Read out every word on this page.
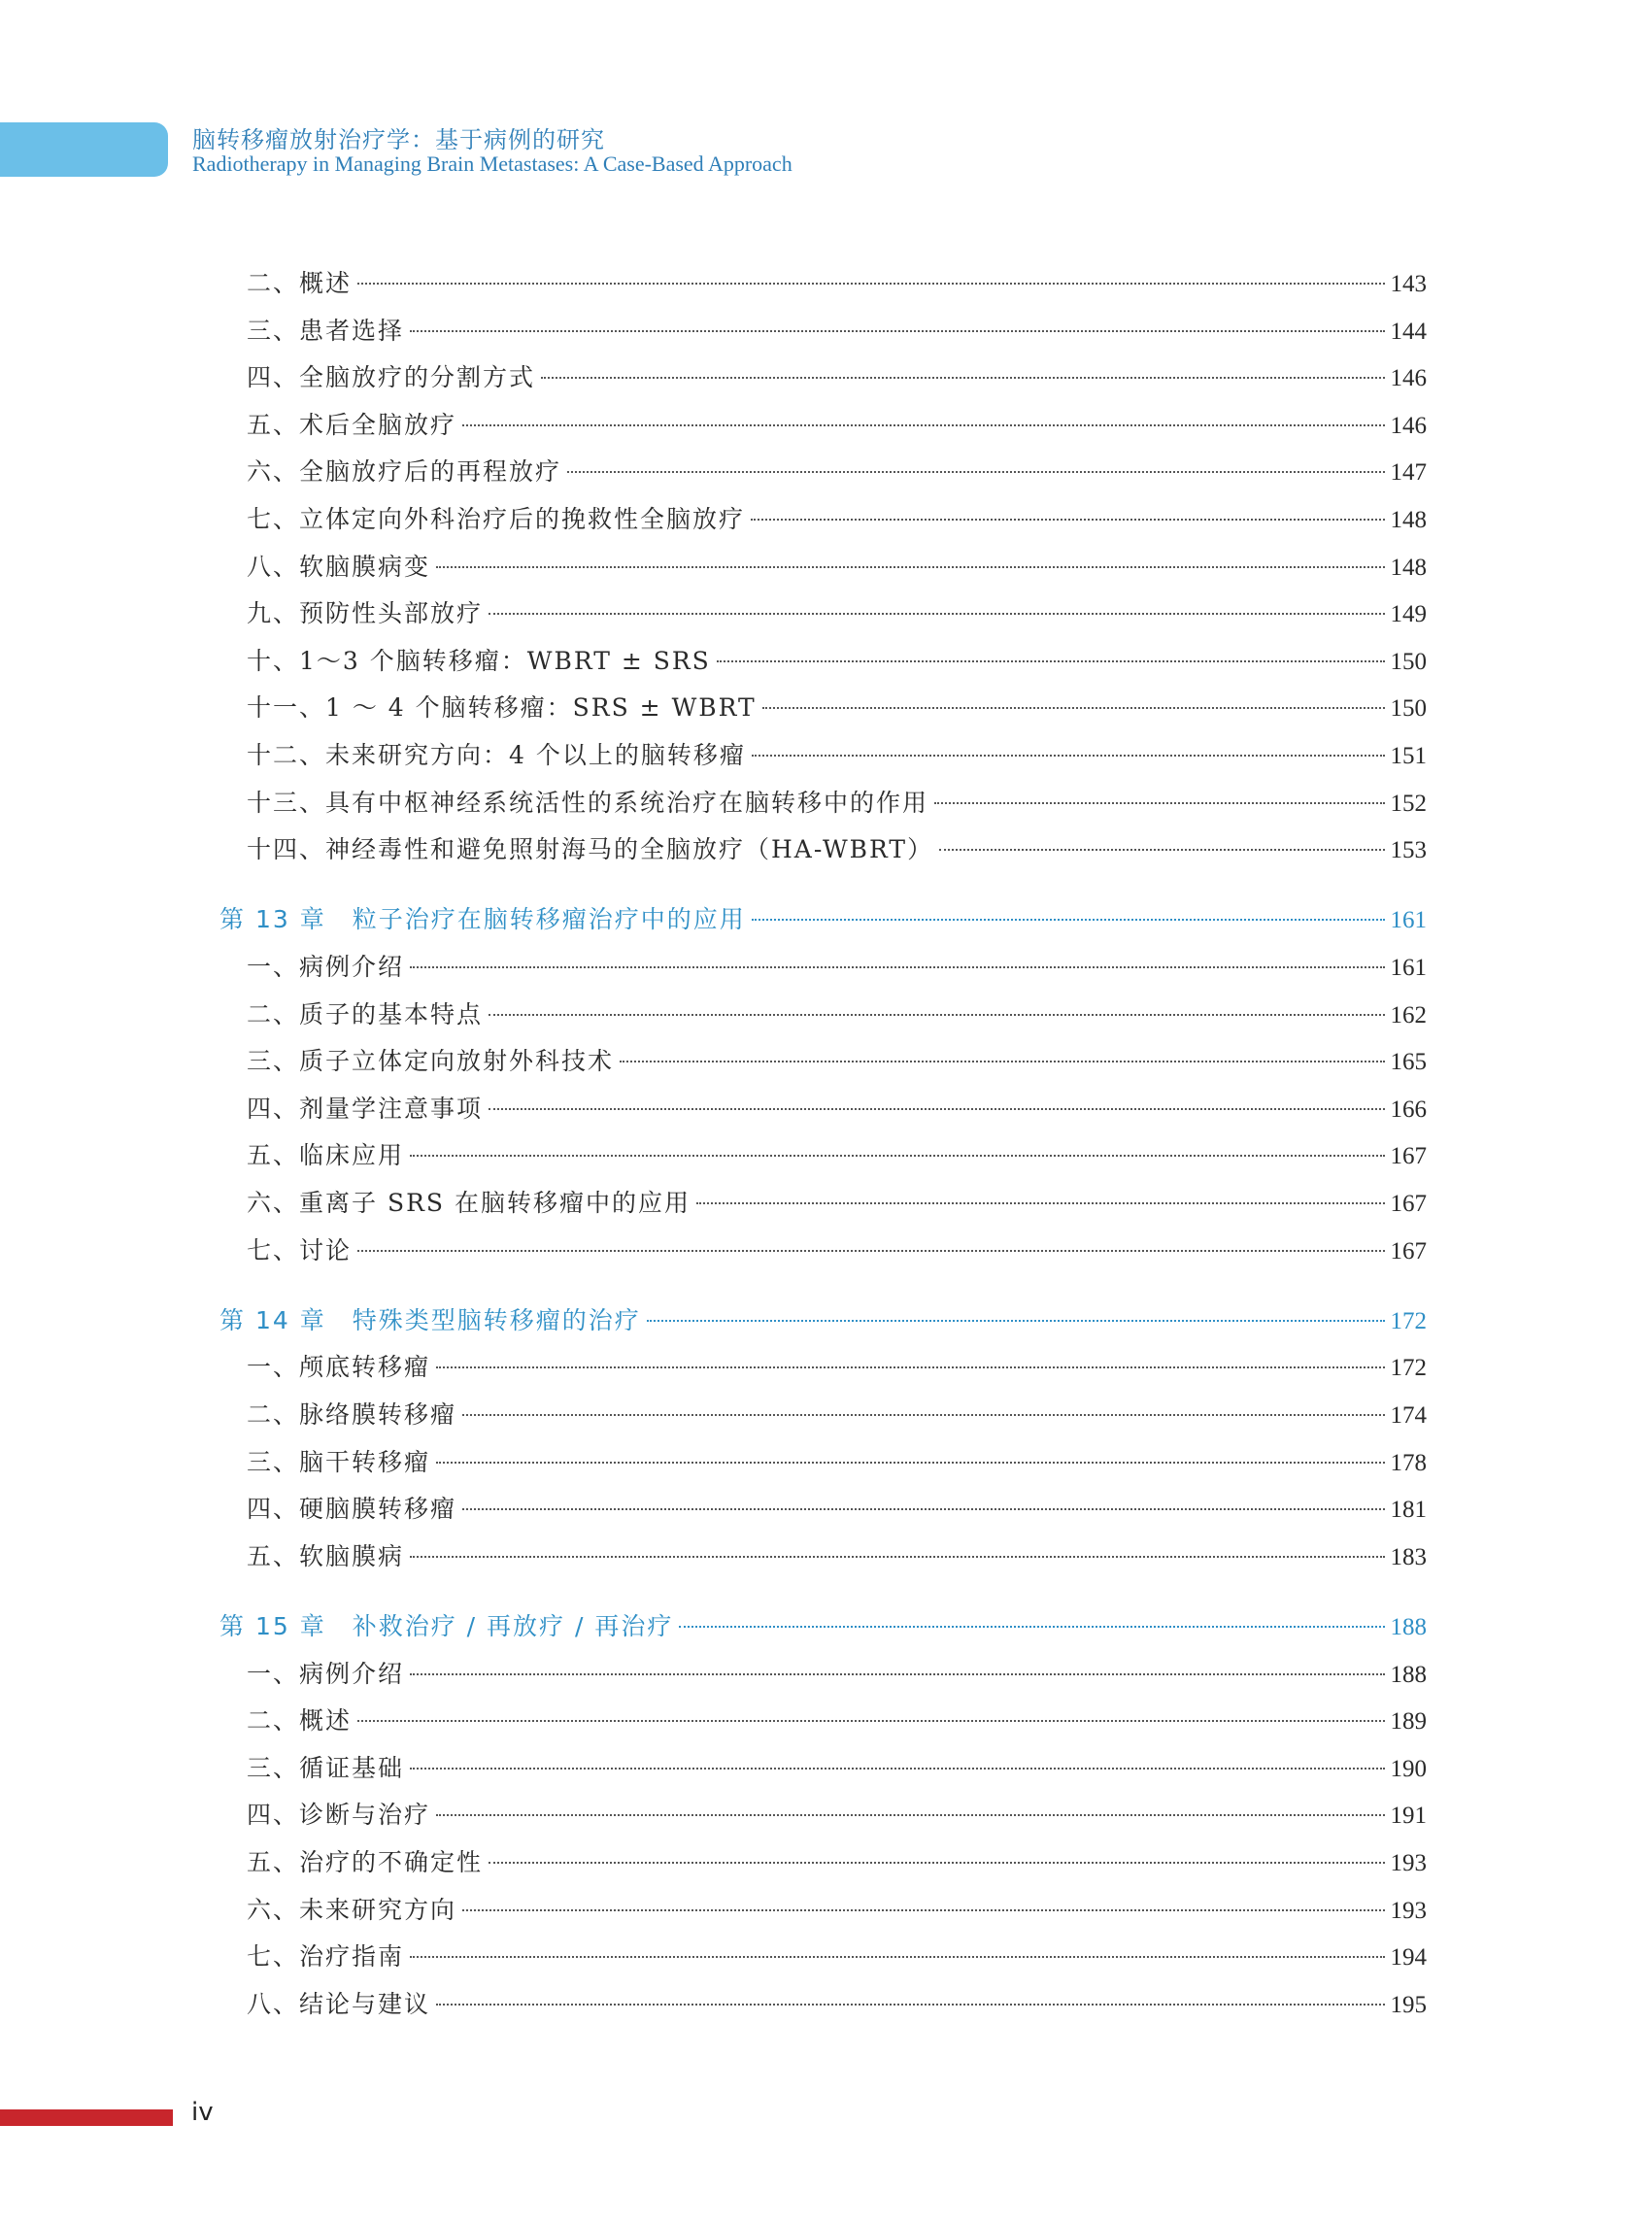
脑转移瘤放射治疗学：基于病例的研究
Radiotherapy in Managing Brain Metastases: A Case-Based Approach
二、概述	143
三、患者选择	144
四、全脑放疗的分割方式	146
五、术后全脑放疗	146
六、全脑放疗后的再程放疗	147
七、立体定向外科治疗后的挽救性全脑放疗	148
八、软脑膜病变	148
九、预防性头部放疗	149
十、1～3 个脑转移瘤：WBRT ± SRS	150
十一、1 ～ 4 个脑转移瘤：SRS ± WBRT	150
十二、未来研究方向：4 个以上的脑转移瘤	151
十三、具有中枢神经系统活性的系统治疗在脑转移中的作用	152
十四、神经毒性和避免照射海马的全脑放疗（HA-WBRT）	153
第 13 章　粒子治疗在脑转移瘤治疗中的应用	161
一、病例介绍	161
二、质子的基本特点	162
三、质子立体定向放射外科技术	165
四、剂量学注意事项	166
五、临床应用	167
六、重离子 SRS 在脑转移瘤中的应用	167
七、讨论	167
第 14 章　特殊类型脑转移瘤的治疗	172
一、颅底转移瘤	172
二、脉络膜转移瘤	174
三、脑干转移瘤	178
四、硬脑膜转移瘤	181
五、软脑膜病	183
第 15 章　补救治疗 / 再放疗 / 再治疗	188
一、病例介绍	188
二、概述	189
三、循证基础	190
四、诊断与治疗	191
五、治疗的不确定性	193
六、未来研究方向	193
七、治疗指南	194
八、结论与建议	195
iv
